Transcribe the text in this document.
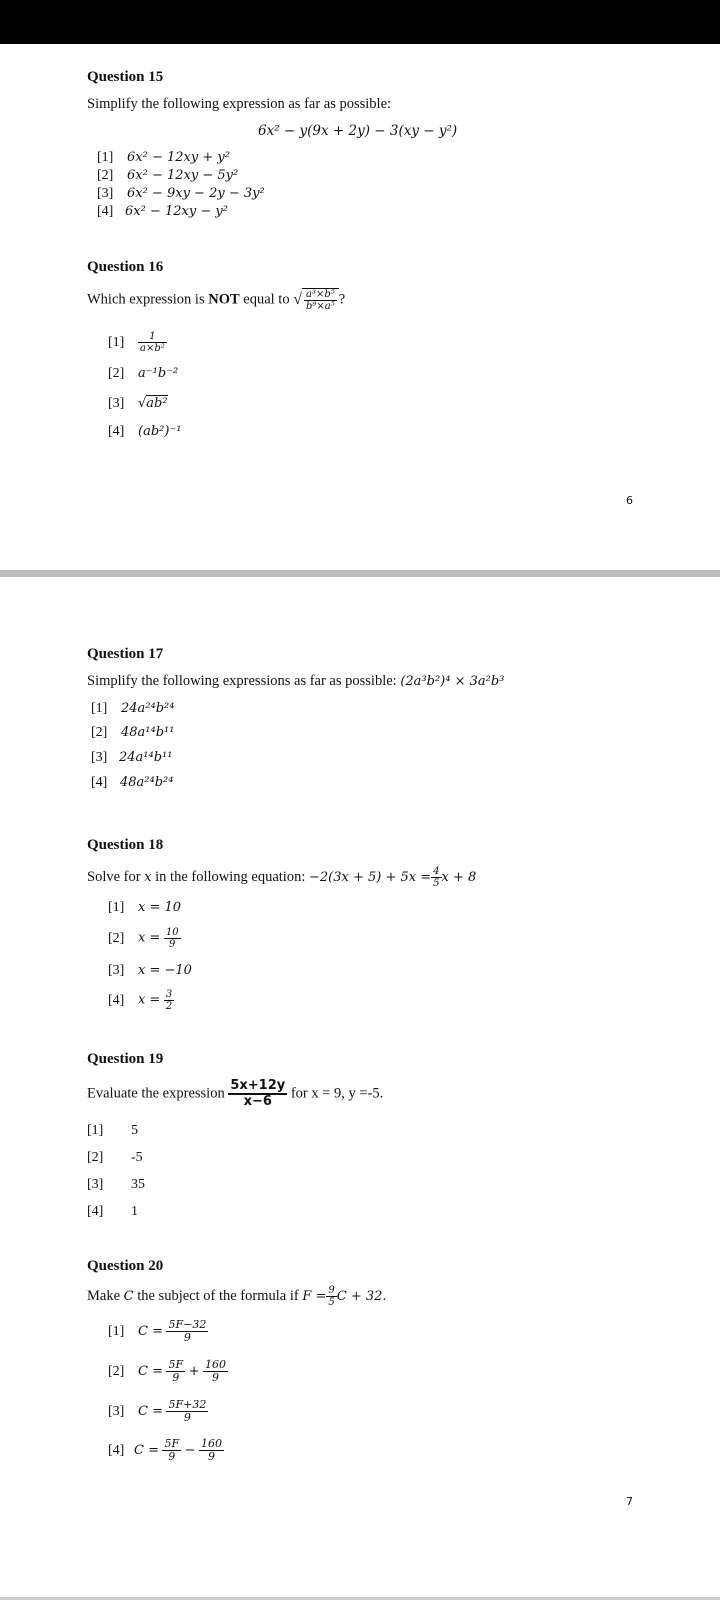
Question 15
Simplify the following expression as far as possible:
6x² − y(9x + 2y) − 3(xy − y²)
[1] 6x² − 12xy + y²
[2] 6x² − 12xy − 5y²
[3] 6x² − 9xy − 2y − 3y²
[4] 6x² − 12xy − y²
Question 16
Which expression is NOT equal to √ $\frac{\text{a³×b⁵}}{\text{b⁹×a⁵}}$ ?
$[1] \frac{1}{\text{a×b²}}$
[2] a⁻¹b⁻²
[3] √ab²
[4] (ab²)⁻¹
6
Question 17
Simplify the following expressions as far as possible: (2a³b²)⁴ × 3a²b³
[1] 24a²⁴b²⁴
[2] 48a¹⁴b¹¹
[3] 24a¹⁴b¹¹
[4] 48a²⁴b²⁴
Question 18
Solve for x in the following equation: $-2(3x + 5) + 5x = \frac{4}{5}$ x + 8
[1] x = 10
[2] $x = \frac{10}{9}$
[3] x = −10
[4] $x = \frac{3}{2}$
Question 19
Evaluate the expression $\frac{5x+12y}{x-6}$ for x = 9, y =-5.
[1] 5
[2] -5
[3] 35
[4] 1
Question 20
Make C the subject of the formula if $F = \frac{9}{5}$ C + 32.
[1] $C = \frac{5F-32}{9}$
[2] $C = \frac{5F}{9} + \frac{160}{9}$
[3] $C = \frac{5F+32}{9}$
[4] $C = \frac{5F}{9} - \frac{160}{9}$
7
